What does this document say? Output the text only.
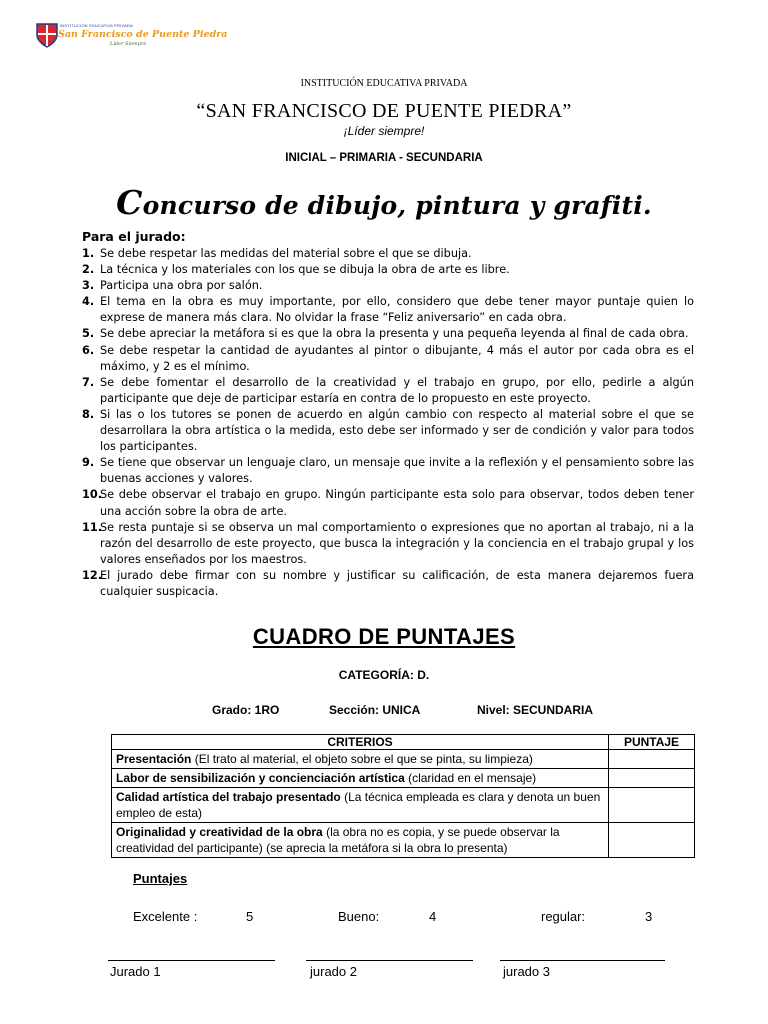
INSTITUCIÓN EDUCATIVA PRIVADA
San Francisco de Puente Piedra
Líder Siempre
INSTITUCIÓN EDUCATIVA PRIVADA
“SAN FRANCISCO DE PUENTE PIEDRA”
¡Líder siempre!
INICIAL – PRIMARIA - SECUNDARIA
Concurso de dibujo, pintura y grafiti.
Para el jurado:
1. Se debe respetar las medidas del material sobre el que se dibuja.
2. La técnica y los materiales con los que se dibuja la obra de arte es libre.
3. Participa una obra por salón.
4. El tema en la obra es muy importante, por ello, considero que debe tener mayor puntaje quien lo exprese de manera más clara. No olvidar la frase “Feliz aniversario” en cada obra.
5. Se debe apreciar la metáfora si es que la obra la presenta y una pequeña leyenda al final de cada obra.
6. Se debe respetar la cantidad de ayudantes al pintor o dibujante, 4 más el autor por cada obra es el máximo, y 2 es el mínimo.
7. Se debe fomentar el desarrollo de la creatividad y el trabajo en grupo, por ello, pedirle a algún participante que deje de participar estaría en contra de lo propuesto en este proyecto.
8. Si las o los tutores se ponen de acuerdo en algún cambio con respecto al material sobre el que se desarrollara la obra artística o la medida, esto debe ser informado y ser de condición y valor para todos los participantes.
9. Se tiene que observar un lenguaje claro, un mensaje que invite a la reflexión y el pensamiento sobre las buenas acciones y valores.
10.
Se debe observar el trabajo en grupo. Ningún participante esta solo para observar, todos deben tener una acción sobre la obra de arte.
11.
Se resta puntaje si se observa un mal comportamiento o expresiones que no aportan al trabajo, ni a la razón del desarrollo de este proyecto, que busca la integración y la conciencia en el trabajo grupal y los valores enseñados por los maestros.
12.
El jurado debe firmar con su nombre y justificar su calificación, de esta manera dejaremos fuera cualquier suspicacia.
CUADRO DE PUNTAJES
CATEGORÍA: D.
Grado: 1RO	Sección: UNICA	Nivel: SECUNDARIA
CRITERIOS	PUNTAJE
Presentación (El trato al material, el objeto sobre el que se pinta, su limpieza)	
Labor de sensibilización y concienciación artística (claridad en el mensaje)	
Calidad artística del trabajo presentado (La técnica empleada es clara y denota un buen empleo de esta)	
Originalidad y creatividad de la obra (la obra no es copia, y se puede observar la creatividad del participante) (se aprecia la metáfora si la obra lo presenta)	
Puntajes
Excelente :	5	Bueno:	4	regular:	3
Jurado 1	jurado 2	jurado 3
